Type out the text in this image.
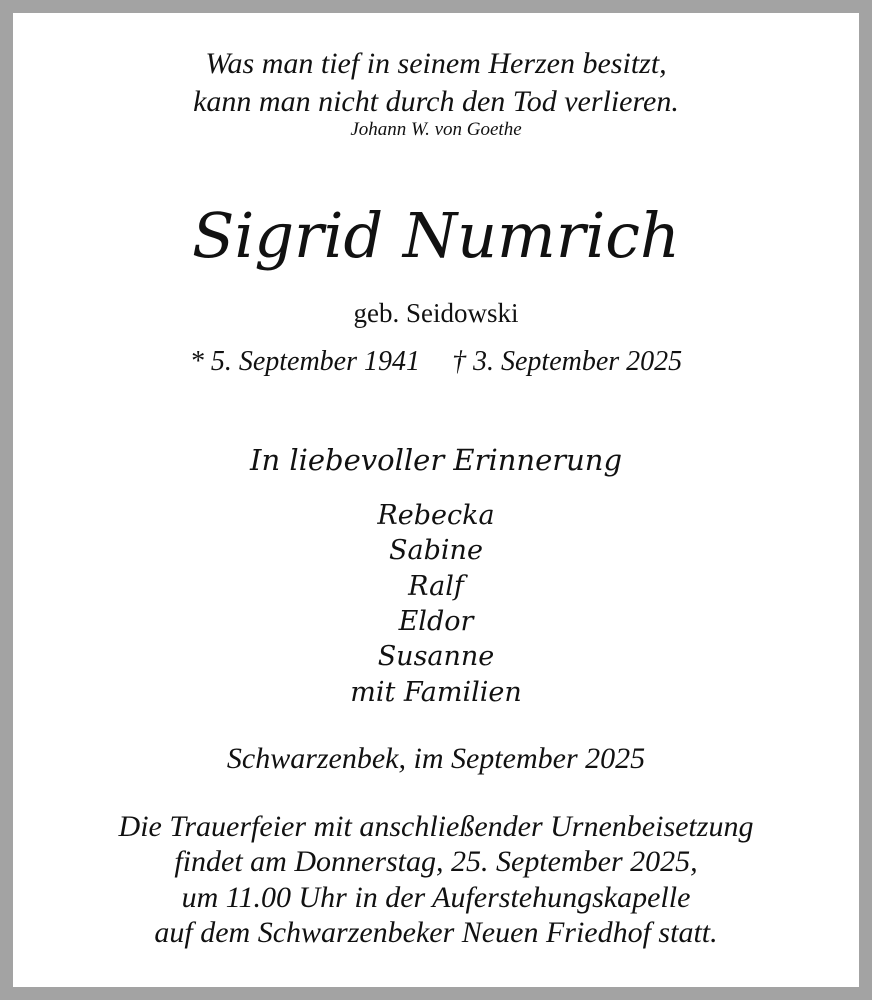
Was man tief in seinem Herzen besitzt,
kann man nicht durch den Tod verlieren.
Johann W. von Goethe
Sigrid Numrich
geb. Seidowski
* 5. September 1941 † 3. September 2025
In liebevoller Erinnerung
Rebecka
Sabine
Ralf
Eldor
Susanne
mit Familien
Schwarzenbek, im September 2025
Die Trauerfeier mit anschließender Urnenbeisetzung
findet am Donnerstag, 25. September 2025,
um 11.00 Uhr in der Auferstehungskapelle
auf dem Schwarzenbeker Neuen Friedhof statt.
